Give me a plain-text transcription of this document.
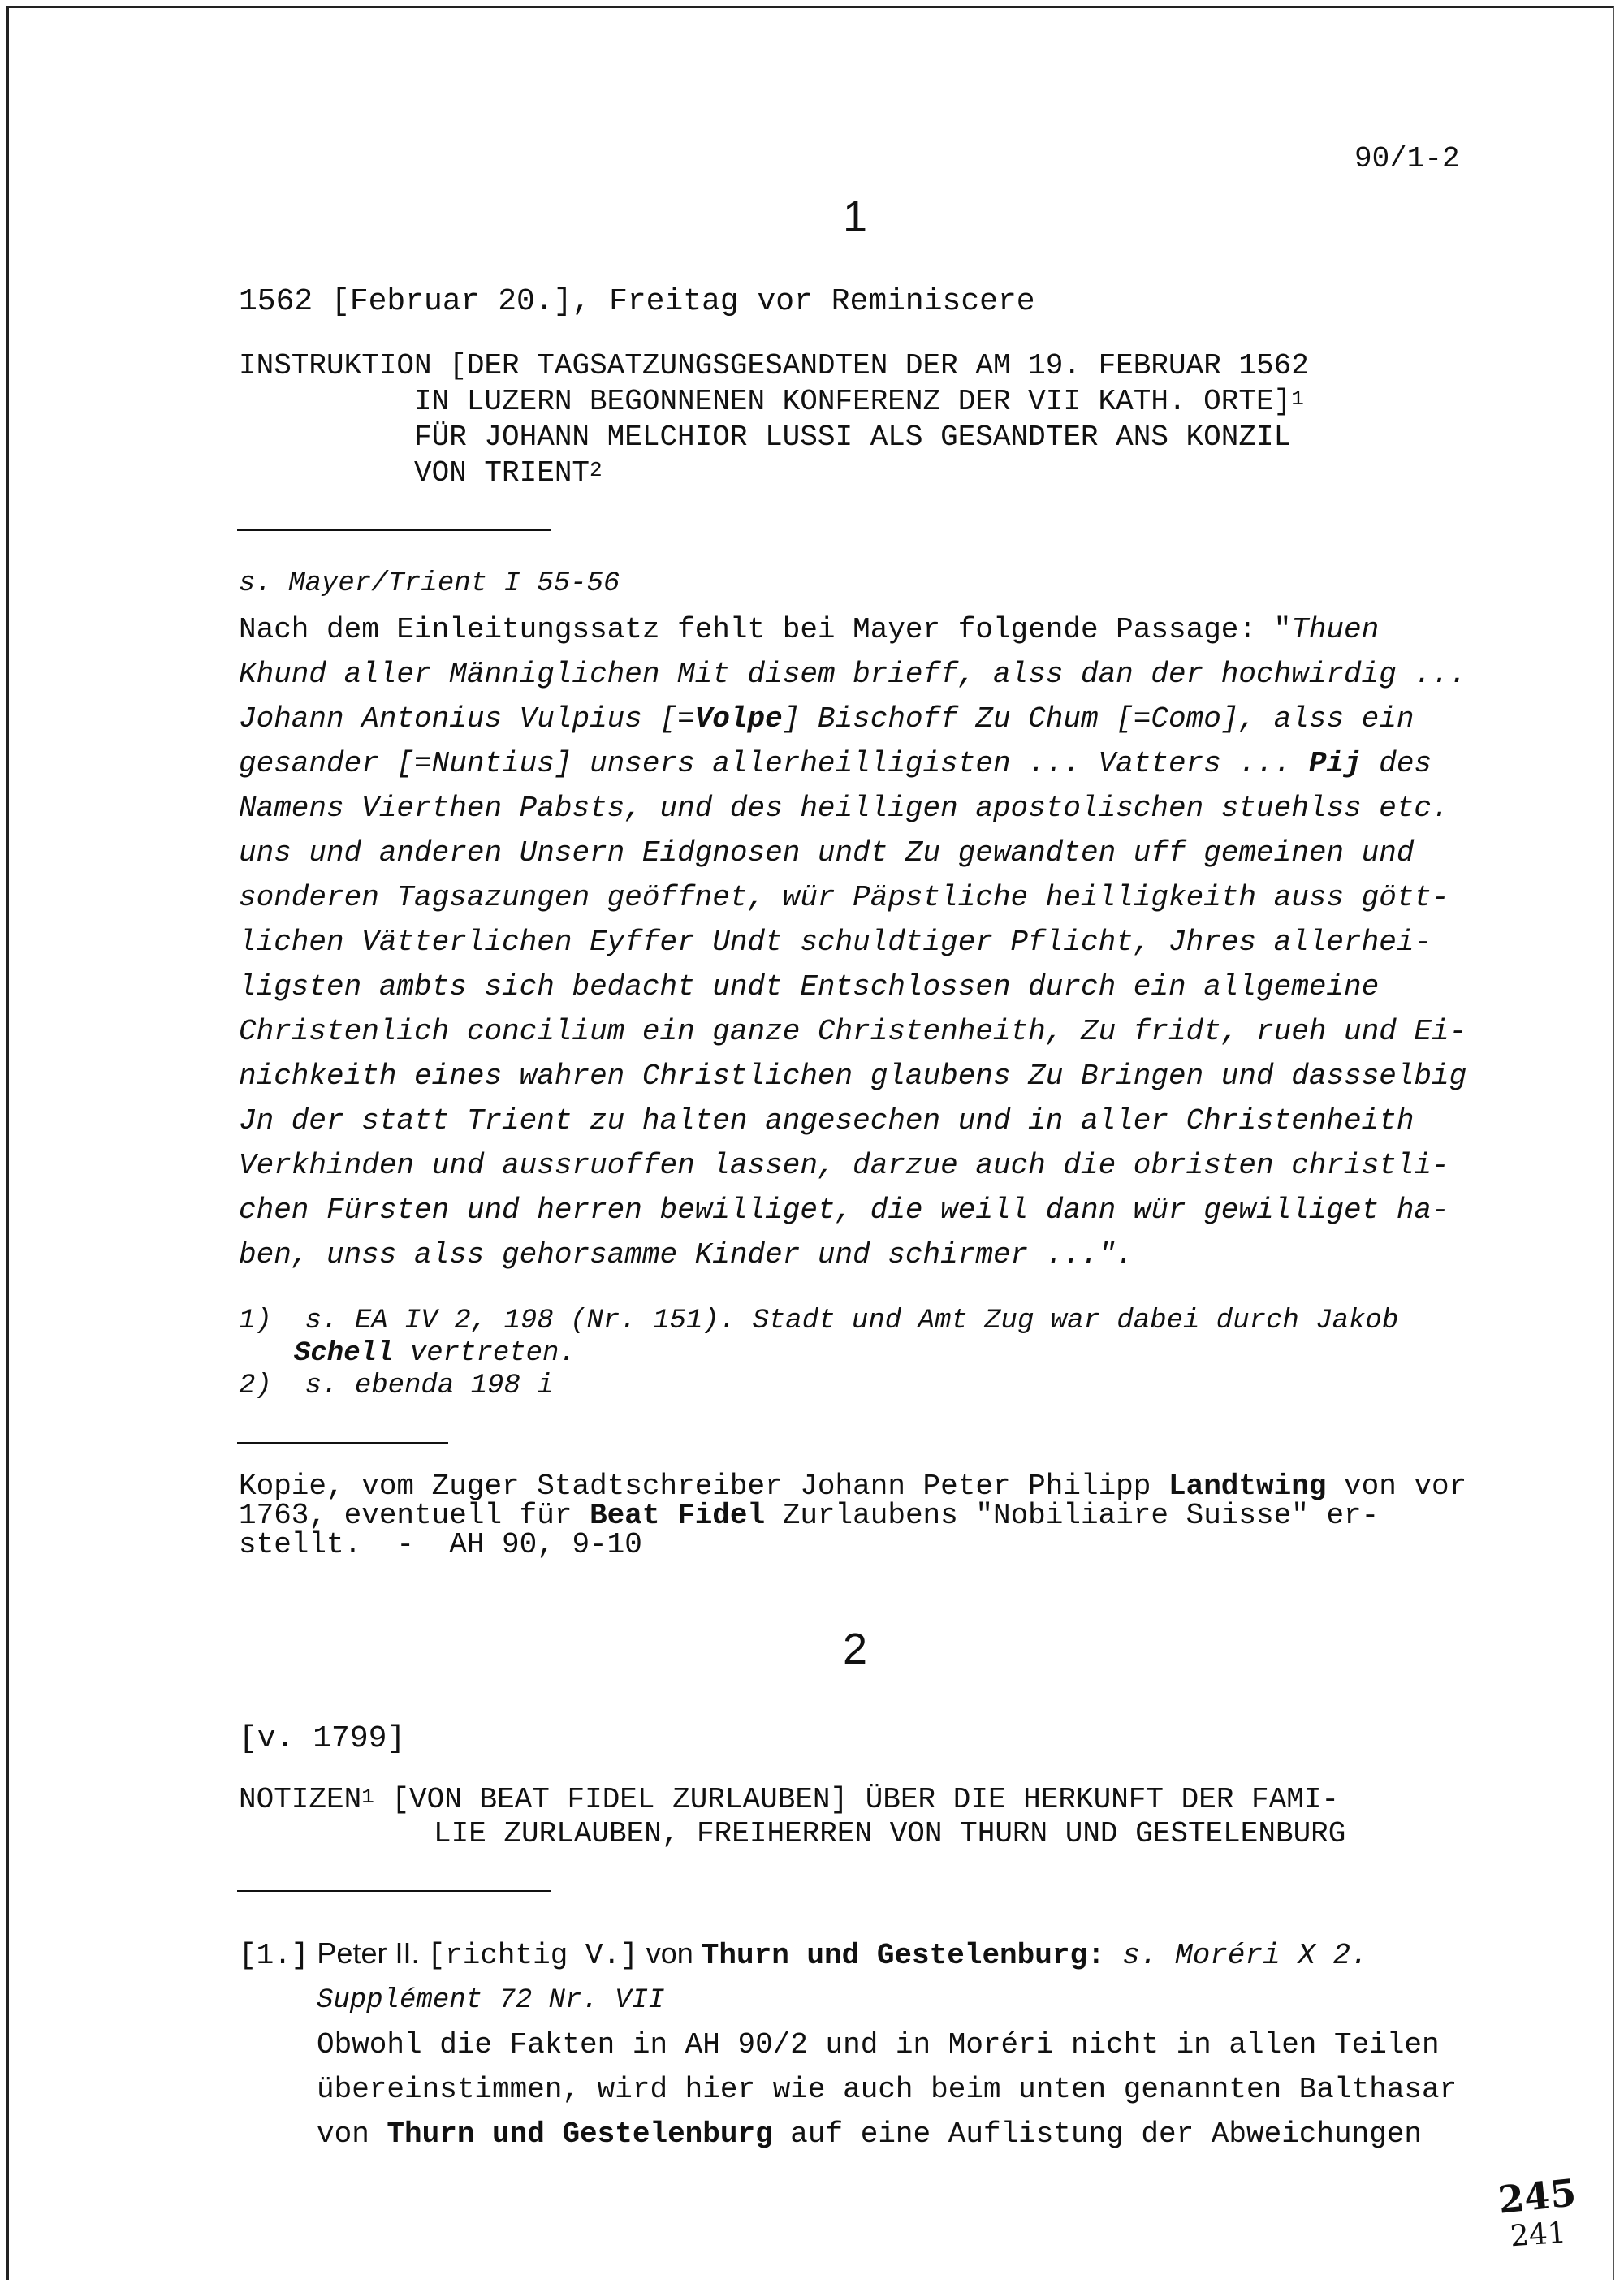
90/1-2
1
1562 [Februar 20.], Freitag vor Reminiscere
INSTRUKTION [DER TAGSATZUNGSGESANDTEN DER AM 19. FEBRUAR 1562
IN LUZERN BEGONNENEN KONFERENZ DER VII KATH. ORTE]$^1$
FÜR JOHANN MELCHIOR LUSSI ALS GESANDTER ANS KONZIL
VON TRIENT$^2$
s. Mayer/Trient I 55-56
Nach dem Einleitungssatz fehlt bei Mayer folgende Passage: "Thuen
Khund aller Männiglichen Mit disem brieff, alss dan der hochwirdig ...
Johann Antonius Vulpius [=Volpe] Bischoff Zu Chum [=Como], alss ein
gesander [=Nuntius] unsers allerheilligisten ... Vatters ... Pij des
Namens Vierthen Pabsts, und des heilligen apostolischen stuehlss etc.
uns und anderen Unsern Eidgnosen undt Zu gewandten uff gemeinen und
sonderen Tagsazungen geöffnet, wür Päpstliche heilligkeith auss gött-
lichen Vätterlichen Eyffer Undt schuldtiger Pflicht, Jhres allerhei-
ligsten ambts sich bedacht undt Entschlossen durch ein allgemeine
Christenlich concilium ein ganze Christenheith, Zu fridt, rueh und Ei-
nichkeith eines wahren Christlichen glaubens Zu Bringen und dassselbig
Jn der statt Trient zu halten angesechen und in aller Christenheith
Verkhinden und aussruoffen lassen, darzue auch die obristen christli-
chen Fürsten und herren bewilliget, die weill dann wür gewilliget ha-
ben, unss alss gehorsamme Kinder und schirmer ...".
1)  s. EA IV 2, 198 (Nr. 151). Stadt und Amt Zug war dabei durch Jakob
Schell vertreten.
2)  s. ebenda 198 i
Kopie, vom Zuger Stadtschreiber Johann Peter Philipp Landtwing von vor
1763, eventuell für Beat Fidel Zurlaubens "Nobiliaire Suisse" er-
stellt.  -  AH 90, 9-10
2
[v. 1799]
NOTIZEN$^1$ [VON BEAT FIDEL ZURLAUBEN] ÜBER DIE HERKUNFT DER FAMI-
LIE ZURLAUBEN, FREIHERREN VON THURN UND GESTELENBURG
[1.] Peter II. [richtig V.] von Thurn und Gestelenburg: s. Moréri X 2.
Supplément 72 Nr. VII
Obwohl die Fakten in AH 90/2 und in Moréri nicht in allen Teilen
übereinstimmen, wird hier wie auch beim unten genannten Balthasar
von Thurn und Gestelenburg auf eine Auflistung der Abweichungen
245
241
